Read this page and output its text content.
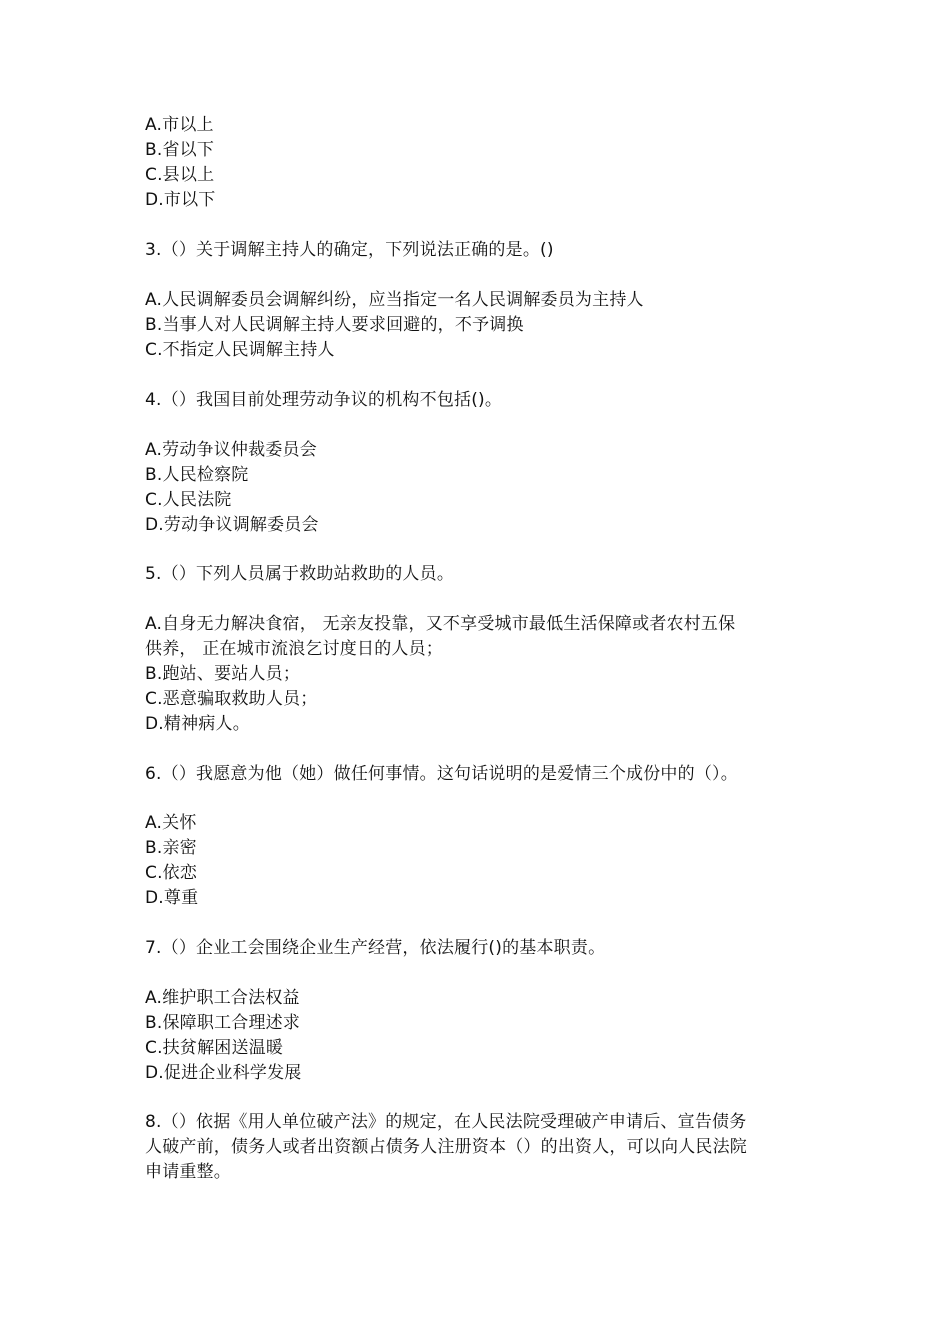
A.市以上
B.省以下
C.县以上
D.市以下
3.（）关于调解主持人的确定，下列说法正确的是。()
A.人民调解委员会调解纠纷，应当指定一名人民调解委员为主持人
B.当事人对人民调解主持人要求回避的，不予调换
C.不指定人民调解主持人
4.（）我国目前处理劳动争议的机构不包括()。
A.劳动争议仲裁委员会
B.人民检察院
C.人民法院
D.劳动争议调解委员会
5.（）下列人员属于救助站救助的人员。
A.自身无力解决食宿， 无亲友投靠，又不享受城市最低生活保障或者农村五保
供养， 正在城市流浪乞讨度日的人员；
B.跑站、要站人员；
C.恶意骗取救助人员；
D.精神病人。
6.（）我愿意为他（她）做任何事情。这句话说明的是爱情三个成份中的（）。
A.关怀
B.亲密
C.依恋
D.尊重
7.（）企业工会围绕企业生产经营，依法履行()的基本职责。
A.维护职工合法权益
B.保障职工合理述求
C.扶贫解困送温暖
D.促进企业科学发展
8.（）依据《用人单位破产法》的规定，在人民法院受理破产申请后、宣告债务
人破产前，债务人或者出资额占债务人注册资本（）的出资人，可以向人民法院
申请重整。
